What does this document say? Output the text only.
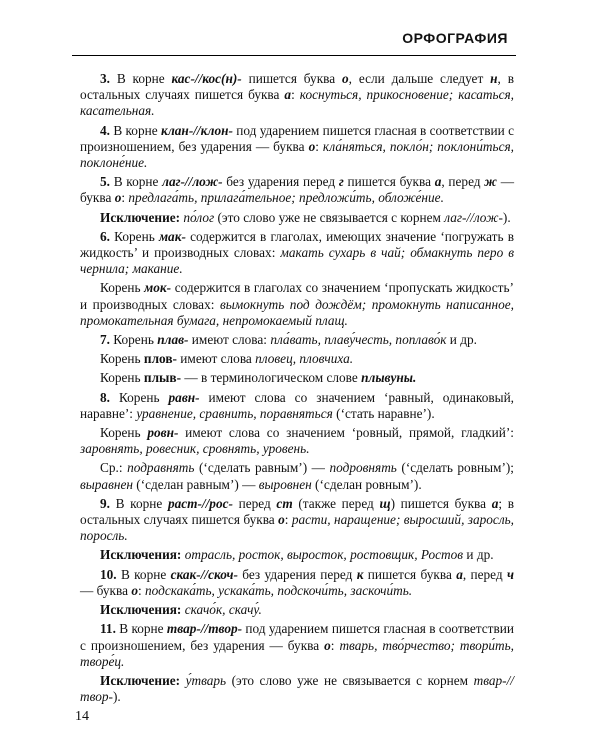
ОРФОГРАФИЯ

3. В корне кас-//кос(н)- пишется буква о, если дальше следует н, в остальных случаях пишется буква а: коснуться, прикосновение; касаться, касательная.

4. В корне клан-//клон- под ударением пишется гласная в соответствии с произношением, без ударения — буква о: кла́няться, покло́н; поклони́ться, поклоне́ние.

5. В корне лаг-//лож- без ударения перед г пишется буква а, перед ж — буква о: предлага́ть, прилага́тельное; предложи́ть, обложе́ние.

Исключение: по́лог (это слово уже не связывается с корнем лаг-//лож-).

6. Корень мак- содержится в глаголах, имеющих значение ‘погружать в жидкость’ и производных словах: макать сухарь в чай; обмакнуть перо в чернила; макание.

Корень мок- содержится в глаголах со значением ‘пропускать жидкость’ и производных словах: вымокнуть под дождём; промокнуть написанное, промокательная бумага, непромокаемый плащ.

7. Корень плав- имеют слова: пла́вать, плаву́честь, поплаво́к и др.

Корень плов- имеют слова пловец, пловчиха.

Корень плыв- — в терминологическом слове плывуны.

8. Корень равн- имеют слова со значением ‘равный, одинаковый, наравне’: уравнение, сравнить, поравняться (‘стать наравне’).

Корень ровн- имеют слова со значением ‘ровный, прямой, гладкий’: заровнять, ровесник, сровнять, уровень.

Ср.: подравнять (‘сделать равным’) — подровнять (‘сделать ровным’); выравнен (‘сделан равным’) — выровнен (‘сделан ровным’).

9. В корне раст-//рос- перед ст (также перед щ) пишется буква а; в остальных случаях пишется буква о: расти, наращение; выросший, заросль, поросль.

Исключения: отрасль, росток, выросток, ростовщик, Ростов и др.

10. В корне скак-//скоч- без ударения перед к пишется буква а, перед ч — буква о: подскака́ть, ускака́ть, подскочи́ть, заскочи́ть.

Исключения: скачо́к, скачу́.

11. В корне твар-//твор- под ударением пишется гласная в соответствии с произношением, без ударения — буква о: тварь, тво́рчество; твори́ть, творе́ц.

Исключение: у́тварь (это слово уже не связывается с корнем твар-//твор-).

14
